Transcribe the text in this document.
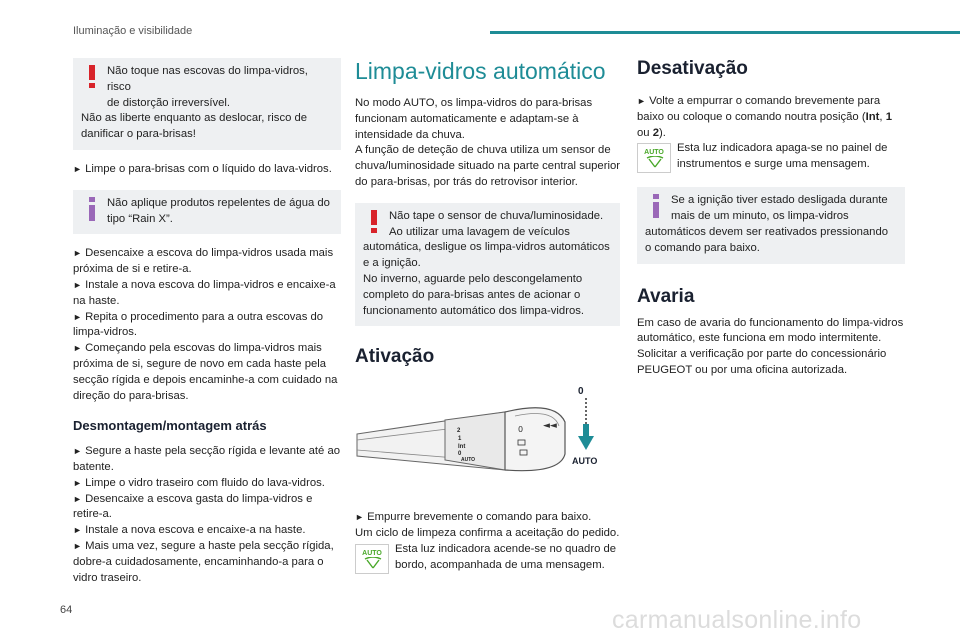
Iluminação e visibilidade
Não toque nas escovas do limpa-vidros, risco
de distorção irreversível.
Não as liberte enquanto as deslocar, risco de
danificar o para-brisas!

► Limpe o para-brisas com o líquido do lava-vidros.

Não aplique produtos repelentes de água do
tipo “Rain X”.

► Desencaixe a escova do limpa-vidros usada mais próxima de si e retire-a.
► Instale a nova escova do limpa-vidros e encaixe-a na haste.
► Repita o procedimento para a outra escovas do limpa-vidros.
► Começando pela escovas do limpa-vidros mais próxima de si, segure de novo em cada haste pela secção rígida e depois encaminhe-a com cuidado na direção do para-brisas.

Desmontagem/montagem atrás

► Segure a haste pela secção rígida e levante até ao batente.
► Limpe o vidro traseiro com fluido do lava-vidros.
► Desencaixe a escova gasta do limpa-vidros e retire-a.
► Instale a nova escova e encaixe-a na haste.
► Mais uma vez, segure a haste pela secção rígida, dobre-a cuidadosamente, encaminhando-a para o vidro traseiro.

Limpa-vidros automático

No modo AUTO, os limpa-vidros do para-brisas funcionam automaticamente e adaptam-se à intensidade da chuva.
A função de deteção de chuva utiliza um sensor de chuva/luminosidade situado na parte central superior do para-brisas, por trás do retrovisor interior.

Não tape o sensor de chuva/luminosidade.
Ao utilizar uma lavagem de veículos
automática, desligue os limpa-vidros automáticos e a ignição.
No inverno, aguarde pelo descongelamento completo do para-brisas antes de acionar o funcionamento automático dos limpa-vidros.
Ativação
0 ◄◄
2
1
Int
0
AUTO
0
AUTO

► Empurre brevemente o comando para baixo.
Um ciclo de limpeza confirma a aceitação do pedido.

AUTO	Esta luz indicadora acende-se no quadro de bordo, acompanhada de uma mensagem.
Desativação

► Volte a empurrar o comando brevemente para baixo ou coloque o comando noutra posição (Int, 1 ou 2).

AUTO	Esta luz indicadora apaga-se no painel de instrumentos e surge uma mensagem.
Se a ignição tiver estado desligada durante
mais de um minuto, os limpa-vidros
automáticos devem ser reativados pressionando o comando para baixo.
Avaria

Em caso de avaria do funcionamento do limpa-vidros automático, este funciona em modo intermitente. Solicitar a verificação por parte do concessionário PEUGEOT ou por uma oficina autorizada.

64	carmanualsonline.info
